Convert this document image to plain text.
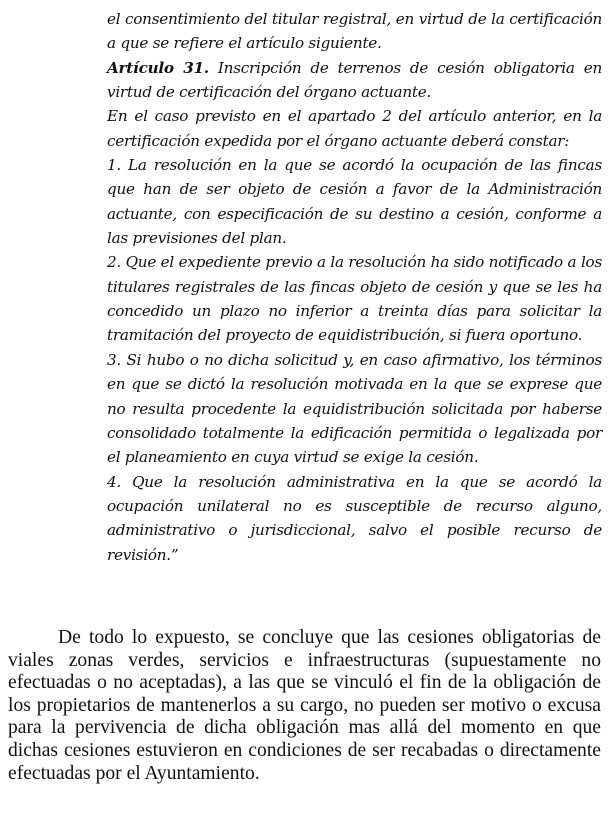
el consentimiento del titular registral, en virtud de la certificación a que se refiere el artículo siguiente.

Artículo 31. Inscripción de terrenos de cesión obligatoria en virtud de certificación del órgano actuante.

En el caso previsto en el apartado 2 del artículo anterior, en la certificación expedida por el órgano actuante deberá constar:

1. La resolución en la que se acordó la ocupación de las fincas que han de ser objeto de cesión a favor de la Administración actuante, con especificación de su destino a cesión, conforme a las previsiones del plan.

2. Que el expediente previo a la resolución ha sido notificado a los titulares registrales de las fincas objeto de cesión y que se les ha concedido un plazo no inferior a treinta días para solicitar la tramitación del proyecto de equidistribución, si fuera oportuno.

3. Si hubo o no dicha solicitud y, en caso afirmativo, los términos en que se dictó la resolución motivada en la que se exprese que no resulta procedente la equidistribución solicitada por haberse consolidado totalmente la edificación permitida o legalizada por el planeamiento en cuya virtud se exige la cesión.

4. Que la resolución administrativa en la que se acordó la ocupación unilateral no es susceptible de recurso alguno, administrativo o jurisdiccional, salvo el posible recurso de revisión.”

De todo lo expuesto, se concluye que las cesiones obligatorias de viales zonas verdes, servicios e infraestructuras (supuestamente no efectuadas o no aceptadas), a las que se vinculó el fin de la obligación de los propietarios de mantenerlos a su cargo, no pueden ser motivo o excusa para la pervivencia de dicha obligación mas allá del momento en que dichas cesiones estuvieron en condiciones de ser recabadas o directamente efectuadas por el Ayuntamiento.
